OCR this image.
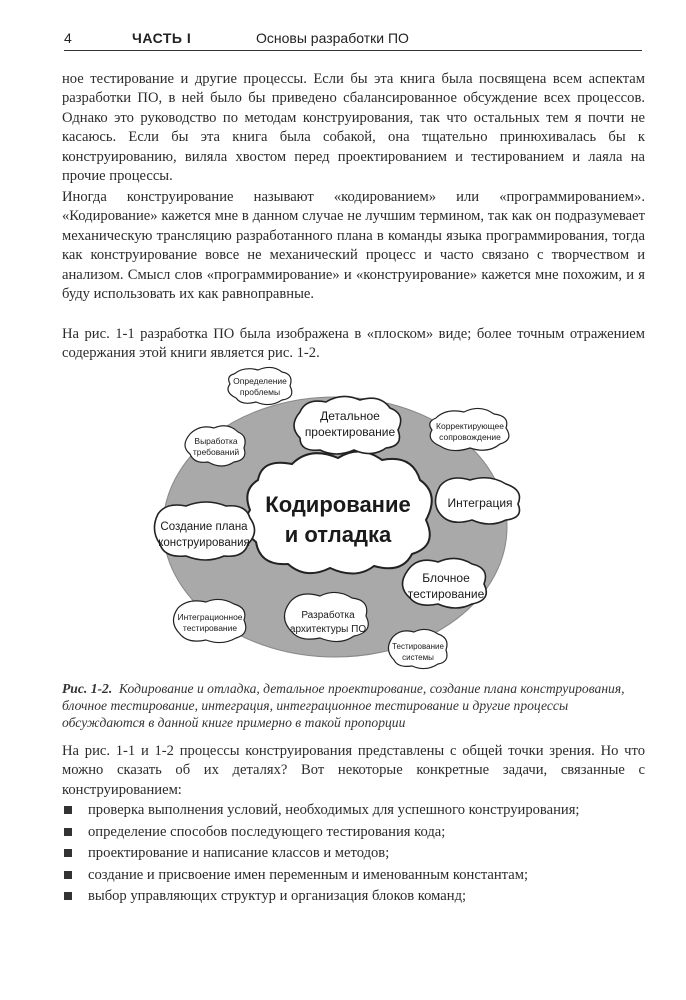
4	ЧАСТЬ I	Основы разработки ПО

ное тестирование и другие процессы. Если бы эта книга была посвящена всем аспектам разработки ПО, в ней было бы приведено сбалансированное обсуждение всех процессов. Однако это руководство по методам конструирования, так что остальных тем я почти не касаюсь. Если бы эта книга была собакой, она тщательно принюхивалась бы к конструированию, виляла хвостом перед проектированием и тестированием и лаяла на прочие процессы.

Иногда конструирование называют «кодированием» или «программированием». «Кодирование» кажется мне в данном случае не лучшим термином, так как он подразумевает механическую трансляцию разработанного плана в команды языка программирования, тогда как конструирование вовсе не механический процесс и часто связано с творчеством и анализом. Смысл слов «программирование» и «конструирование» кажется мне похожим, и я буду использовать их как равноправные.

На рис. 1-1 разработка ПО была изображена в «плоском» виде; более точным отражением содержания этой книги является рис. 1-2.

Кодирование
и отладка
Детальное
проектирование
Определение
проблемы
Выработка
требований
Корректирующее
сопровождение
Интеграция
Блочное
тестирование
Разработка
архитектуры ПО
Создание плана
конструирования
Интеграционное
тестирование
Тестирование
системы

Рис. 1-2. Кодирование и отладка, детальное проектирование, создание плана конструирования, блочное тестирование, интеграция, интеграционное тестирование и другие процессы обсуждаются в данной книге примерно в такой пропорции

На рис. 1-1 и 1-2 процессы конструирования представлены с общей точки зрения. Но что можно сказать об их деталях? Вот некоторые конкретные задачи, связанные с конструированием:

проверка выполнения условий, необходимых для успешного конструирования;
определение способов последующего тестирования кода;
проектирование и написание классов и методов;
создание и присвоение имен переменным и именованным константам;
выбор управляющих структур и организация блоков команд;
